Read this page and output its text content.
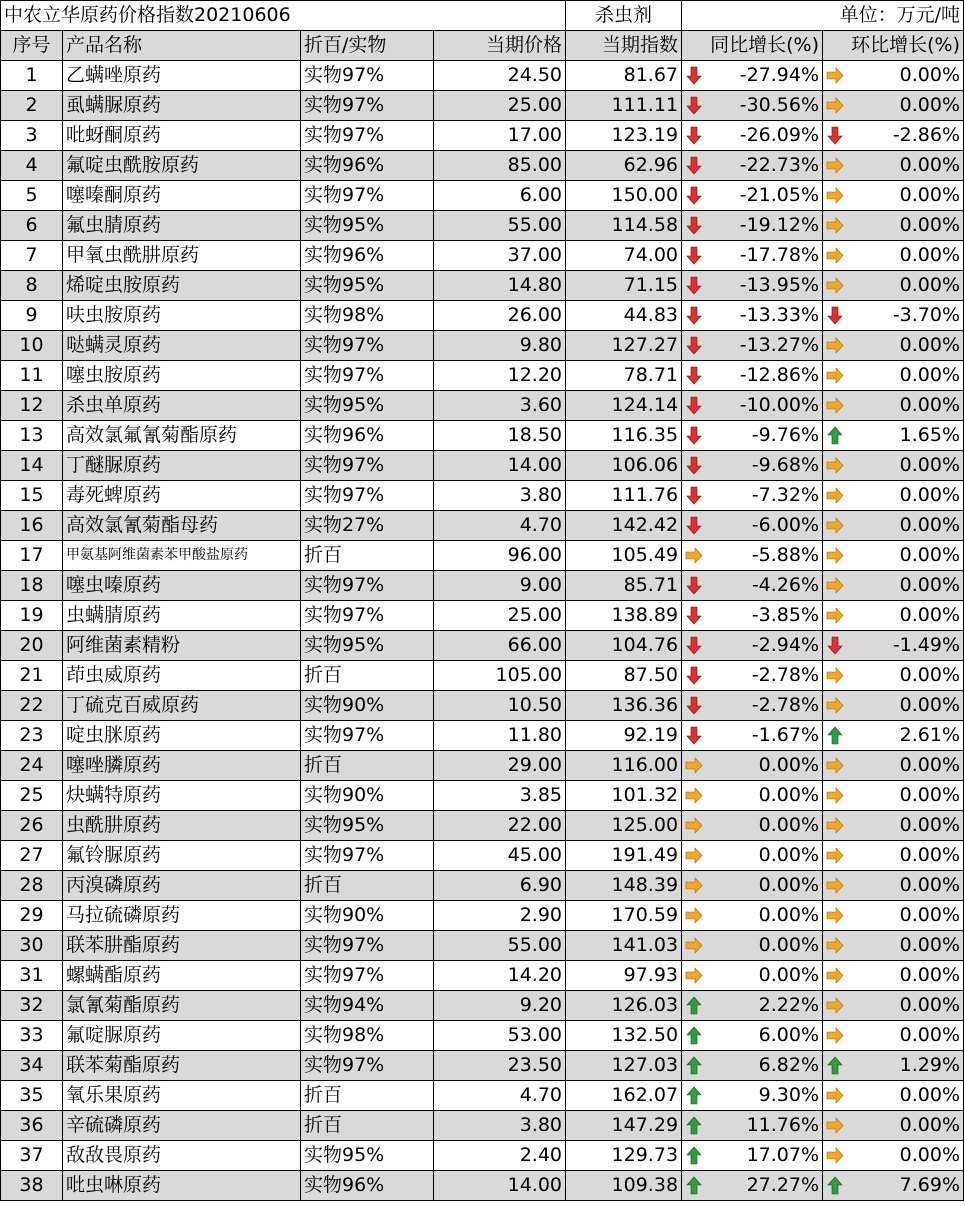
中农立华原药价格指数20210606				杀虫剂	单位：万元/吨	
序号	产品名称	折百/实物	当期价格	当期指数	同比增长(%)	环比增长(%)
1	乙螨唑原药	实物97%	24.50	81.67	-27.94%	0.00%
2	虱螨脲原药	实物97%	25.00	111.11	-30.56%	0.00%
3	吡蚜酮原药	实物97%	17.00	123.19	-26.09%	-2.86%
4	氟啶虫酰胺原药	实物96%	85.00	62.96	-22.73%	0.00%
5	噻嗪酮原药	实物97%	6.00	150.00	-21.05%	0.00%
6	氟虫腈原药	实物95%	55.00	114.58	-19.12%	0.00%
7	甲氧虫酰肼原药	实物96%	37.00	74.00	-17.78%	0.00%
8	烯啶虫胺原药	实物95%	14.80	71.15	-13.95%	0.00%
9	呋虫胺原药	实物98%	26.00	44.83	-13.33%	-3.70%
10	哒螨灵原药	实物97%	9.80	127.27	-13.27%	0.00%
11	噻虫胺原药	实物97%	12.20	78.71	-12.86%	0.00%
12	杀虫单原药	实物95%	3.60	124.14	-10.00%	0.00%
13	高效氯氟氰菊酯原药	实物96%	18.50	116.35	-9.76%	1.65%
14	丁醚脲原药	实物97%	14.00	106.06	-9.68%	0.00%
15	毒死蜱原药	实物97%	3.80	111.76	-7.32%	0.00%
16	高效氯氰菊酯母药	实物27%	4.70	142.42	-6.00%	0.00%
17	甲氨基阿维菌素苯甲酸盐原药	折百	96.00	105.49	-5.88%	0.00%
18	噻虫嗪原药	实物97%	9.00	85.71	-4.26%	0.00%
19	虫螨腈原药	实物97%	25.00	138.89	-3.85%	0.00%
20	阿维菌素精粉	实物95%	66.00	104.76	-2.94%	-1.49%
21	茚虫威原药	折百	105.00	87.50	-2.78%	0.00%
22	丁硫克百威原药	实物90%	10.50	136.36	-2.78%	0.00%
23	啶虫脒原药	实物97%	11.80	92.19	-1.67%	2.61%
24	噻唑膦原药	折百	29.00	116.00	0.00%	0.00%
25	炔螨特原药	实物90%	3.85	101.32	0.00%	0.00%
26	虫酰肼原药	实物95%	22.00	125.00	0.00%	0.00%
27	氟铃脲原药	实物97%	45.00	191.49	0.00%	0.00%
28	丙溴磷原药	折百	6.90	148.39	0.00%	0.00%
29	马拉硫磷原药	实物90%	2.90	170.59	0.00%	0.00%
30	联苯肼酯原药	实物97%	55.00	141.03	0.00%	0.00%
31	螺螨酯原药	实物97%	14.20	97.93	0.00%	0.00%
32	氯氰菊酯原药	实物94%	9.20	126.03	2.22%	0.00%
33	氟啶脲原药	实物98%	53.00	132.50	6.00%	0.00%
34	联苯菊酯原药	实物97%	23.50	127.03	6.82%	1.29%
35	氧乐果原药	折百	4.70	162.07	9.30%	0.00%
36	辛硫磷原药	折百	3.80	147.29	11.76%	0.00%
37	敌敌畏原药	实物95%	2.40	129.73	17.07%	0.00%
38	吡虫啉原药	实物96%	14.00	109.38	27.27%	7.69%
